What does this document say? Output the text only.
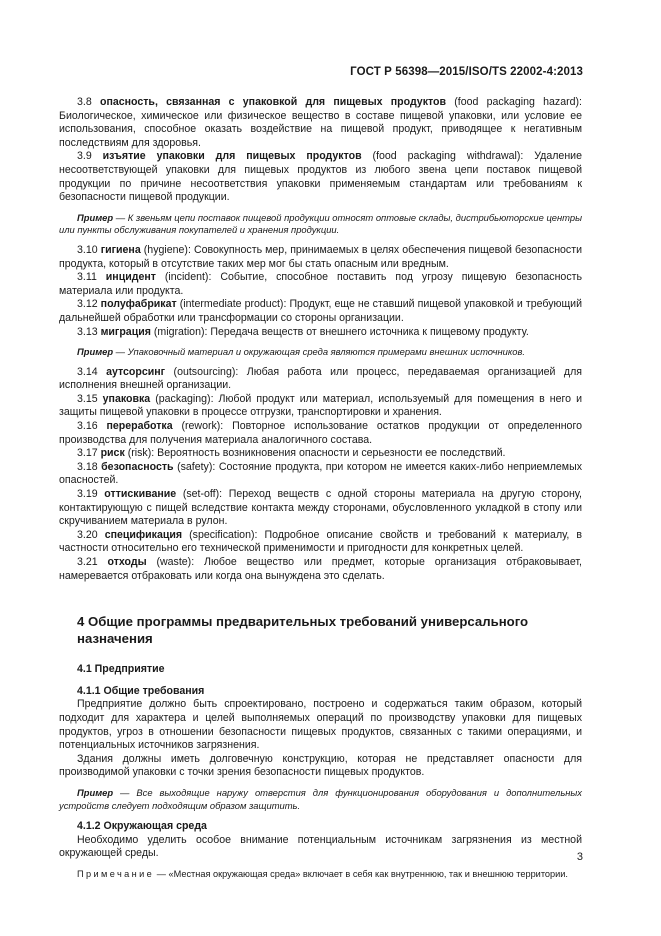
ГОСТ Р 56398—2015/ISO/TS 22002-4:2013

3.8 опасность, связанная с упаковкой для пищевых продуктов (food packaging hazard): Биологическое, химическое или физическое вещество в составе пищевой упаковки, или условие ее использования, способное оказать воздействие на пищевой продукт, приводящее к негативным последствиям для здоровья.

3.9 изъятие упаковки для пищевых продуктов (food packaging withdrawal): Удаление несоответствующей упаковки для пищевых продуктов из любого звена цепи поставок пищевой продукции по причине несоответствия упаковки применяемым стандартам или требованиям к безопасности пищевой продукции.

Пример — К звеньям цепи поставок пищевой продукции относят оптовые склады, дистрибьюторские центры или пункты обслуживания покупателей и хранения продукции.

3.10 гигиена (hygiene): Совокупность мер, принимаемых в целях обеспечения пищевой безопасности продукта, который в отсутствие таких мер мог бы стать опасным или вредным.

3.11 инцидент (incident): Событие, способное поставить под угрозу пищевую безопасность материала или продукта.

3.12 полуфабрикат (intermediate product): Продукт, еще не ставший пищевой упаковкой и требующий дальнейшей обработки или трансформации со стороны организации.

3.13 миграция (migration): Передача веществ от внешнего источника к пищевому продукту.

Пример — Упаковочный материал и окружающая среда являются примерами внешних источников.

3.14 аутсорсинг (outsourcing): Любая работа или процесс, передаваемая организацией для исполнения внешней организации.

3.15 упаковка (packaging): Любой продукт или материал, используемый для помещения в него и защиты пищевой упаковки в процессе отгрузки, транспортировки и хранения.

3.16 переработка (rework): Повторное использование остатков продукции от определенного производства для получения материала аналогичного состава.

3.17 риск (risk): Вероятность возникновения опасности и серьезности ее последствий.

3.18 безопасность (safety): Состояние продукта, при котором не имеется каких-либо неприемлемых опасностей.

3.19 оттискивание (set-off): Переход веществ с одной стороны материала на другую сторону, контактирующую с пищей вследствие контакта между сторонами, обусловленного укладкой в стопу или скручиванием материала в рулон.

3.20 спецификация (specification): Подробное описание свойств и требований к материалу, в частности относительно его технической применимости и пригодности для конкретных целей.

3.21 отходы (waste): Любое вещество или предмет, которые организация отбраковывает, намеревается отбраковать или когда она вынуждена это сделать.

4 Общие программы предварительных требований универсального назначения
4.1 Предприятие
4.1.1 Общие требования

Предприятие должно быть спроектировано, построено и содержаться таким образом, который подходит для характера и целей выполняемых операций по производству упаковки для пищевых продуктов, угроз в отношении безопасности пищевых продуктов, связанных с такими операциями, и потенциальных источников загрязнения.

Здания должны иметь долговечную конструкцию, которая не представляет опасности для производимой упаковки с точки зрения безопасности пищевых продуктов.

Пример — Все выходящие наружу отверстия для функционирования оборудования и дополнительных устройств следует подходящим образом защитить.

4.1.2 Окружающая среда

Необходимо уделить особое внимание потенциальным источникам загрязнения из местной окружающей среды.

Примечание — «Местная окружающая среда» включает в себя как внутреннюю, так и внешнюю территории.

3
